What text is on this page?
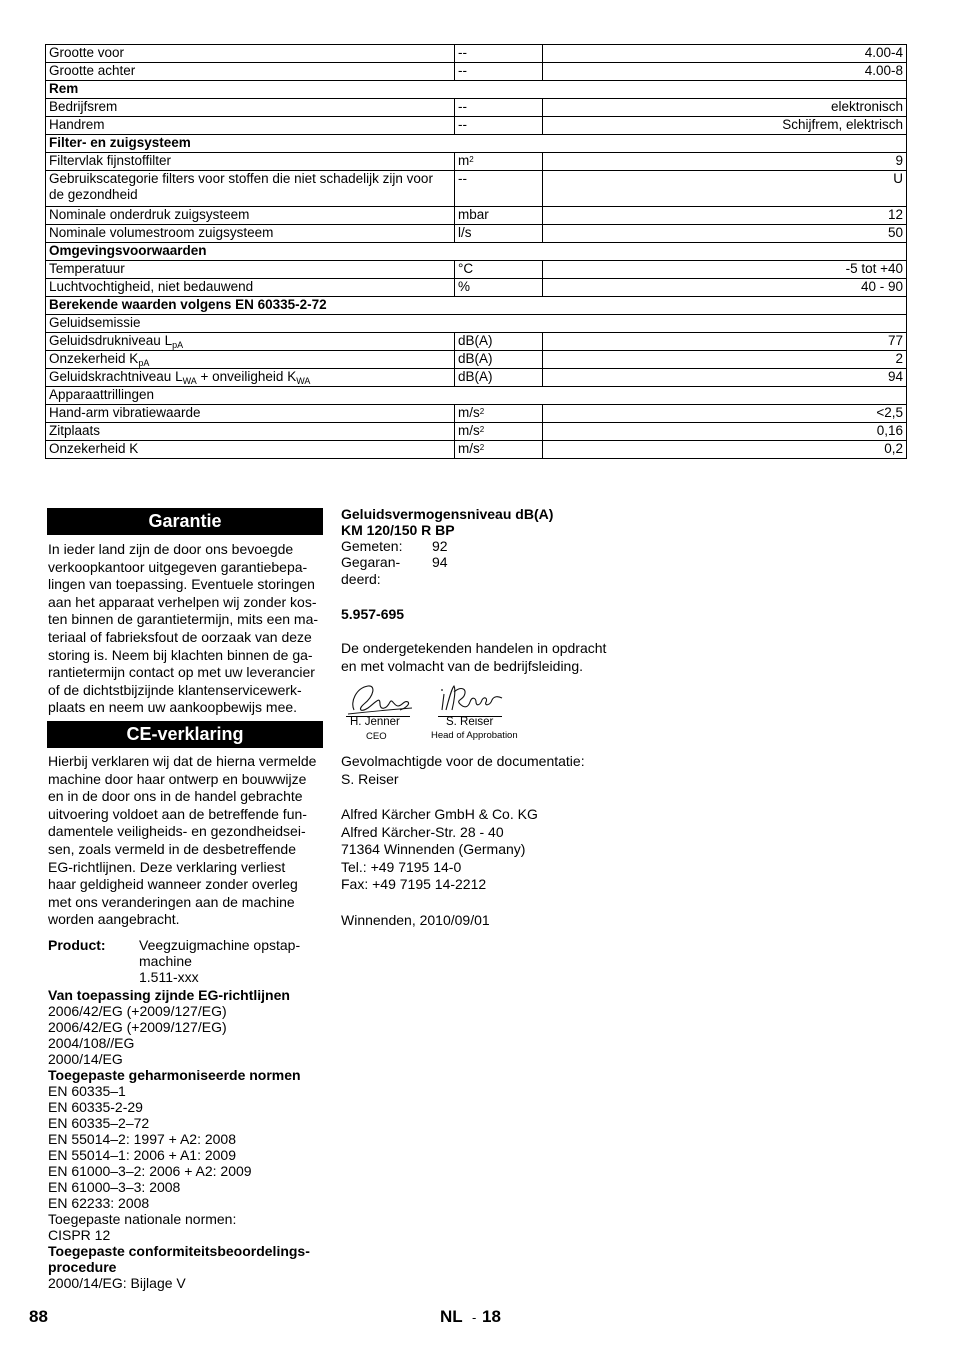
Grootte voor	--	4.00-4
Grootte achter	--	4.00-8
Rem		
Bedrijfsrem	--	elektronisch
Handrem	--	Schijfrem, elektrisch
Filter- en zuigsysteem		
Filtervlak fijnstoffilter	$m^2$	9
Gebruikscategorie filters voor stoffen die niet schadelijk zijn voor de gezondheid	--	U
Nominale onderdruk zuigsysteem	mbar	12
Nominale volumestroom zuigsysteem	l/s	50
Omgevingsvoorwaarden		
Temperatuur	°C	-5 tot +40
Luchtvochtigheid, niet bedauwend	%	40 - 90
Berekende waarden volgens EN 60335-2-72		
Geluidsemissie		
Geluidsdrukniveau $L_{pA}$	dB(A)	77
Onzekerheid $K_{pA}$	dB(A)	2
Geluidskrachtniveau $L_{WA}$ + onveiligheid $K_{WA}$	dB(A)	94
Apparaattrillingen		
Hand-arm vibratiewaarde	$m/s^2$	<2,5
Zitplaats	$m/s^2$	0,16
Onzekerheid K	$m/s^2$	0,2
Garantie
In ieder land zijn de door ons bevoegde
verkoopkantoor uitgegeven garantiebepa-
lingen van toepassing. Eventuele storingen
aan het apparaat verhelpen wij zonder kos-
ten binnen de garantietermijn, mits een ma-
teriaal of fabrieksfout de oorzaak van deze
storing is. Neem bij klachten binnen de ga-
rantietermijn contact op met uw leverancier
of de dichtstbijzijnde klantenservicewerk-
plaats en neem uw aankoopbewijs mee.
CE-verklaring
Hierbij verklaren wij dat de hierna vermelde
machine door haar ontwerp en bouwwijze
en in de door ons in de handel gebrachte
uitvoering voldoet aan de betreffende fun-
damentele veiligheids- en gezondheidsei-
sen, zoals vermeld in de desbetreffende
EG-richtlijnen. Deze verklaring verliest
haar geldigheid wanneer zonder overleg
met ons veranderingen aan de machine
worden aangebracht.
Product: Veegzuigmachine opstap-
machine
1.511-xxx
Van toepassing zijnde EG-richtlijnen
2006/42/EG (+2009/127/EG)
2006/42/EG (+2009/127/EG)
2004/108//EG
2000/14/EG
Toegepaste geharmoniseerde normen
EN 60335–1
EN 60335-2-29
EN 60335–2–72
EN 55014–2: 1997 + A2: 2008
EN 55014–1: 2006 + A1: 2009
EN 61000–3–2: 2006 + A2: 2009
EN 61000–3–3: 2008
EN 62233: 2008
Toegepaste nationale normen:
CISPR 12
Toegepaste conformiteitsbeoordelings-
procedure
2000/14/EG: Bijlage V
Geluidsvermogensniveau dB(A)
KM 120/150 R BP
Gemeten: 92
Gegaran- 94
deerd:
5.957-695
De ondergetekenden handelen in opdracht
en met volmacht van de bedrijfsleiding.
H. Jenner
CEO
S. Reiser
Head of Approbation
Gevolmachtigde voor de documentatie:
S. Reiser
Alfred Kärcher GmbH & Co. KG
Alfred Kärcher-Str. 28 - 40
71364 Winnenden (Germany)
Tel.: +49 7195 14-0
Fax: +49 7195 14-2212
Winnenden, 2010/09/01
88	NL - 18
